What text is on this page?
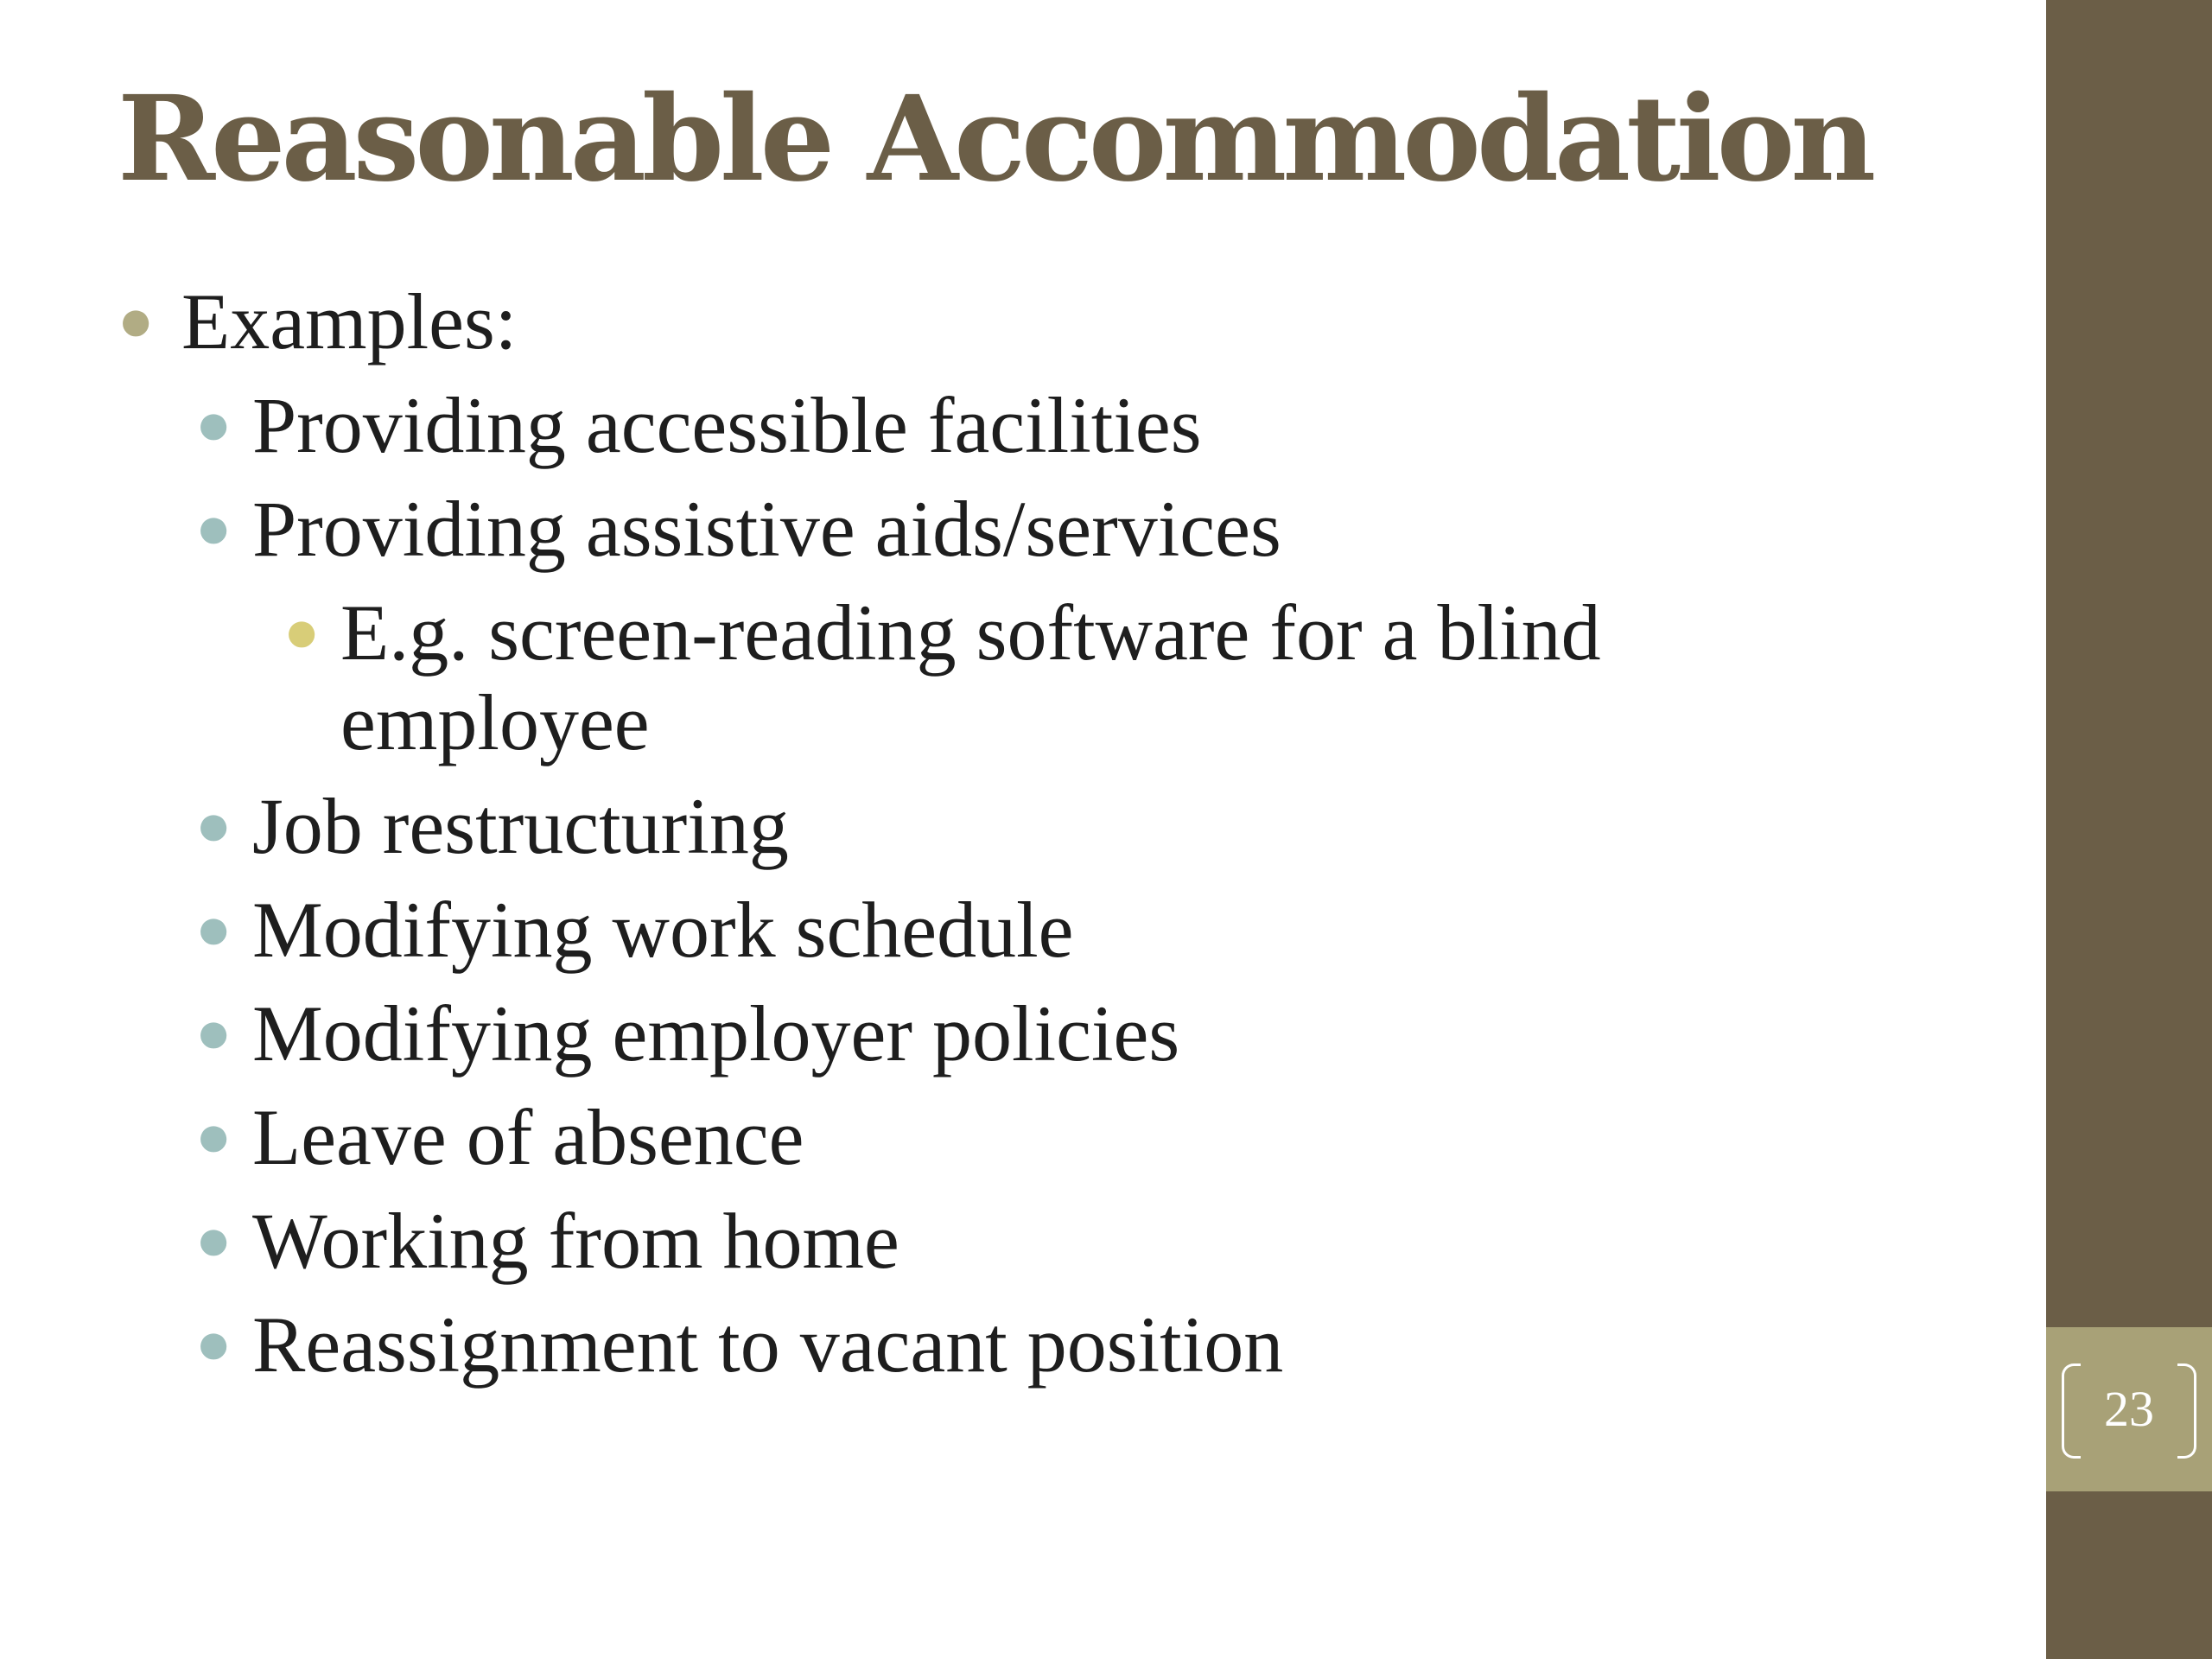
Reasonable Accommodation
● Examples:
● Providing accessible facilities
● Providing assistive aids/services
● E.g. screen-reading software for a blind employee
● Job restructuring
● Modifying work schedule
● Modifying employer policies
● Leave of absence
● Working from home
● Reassignment to vacant position
23
